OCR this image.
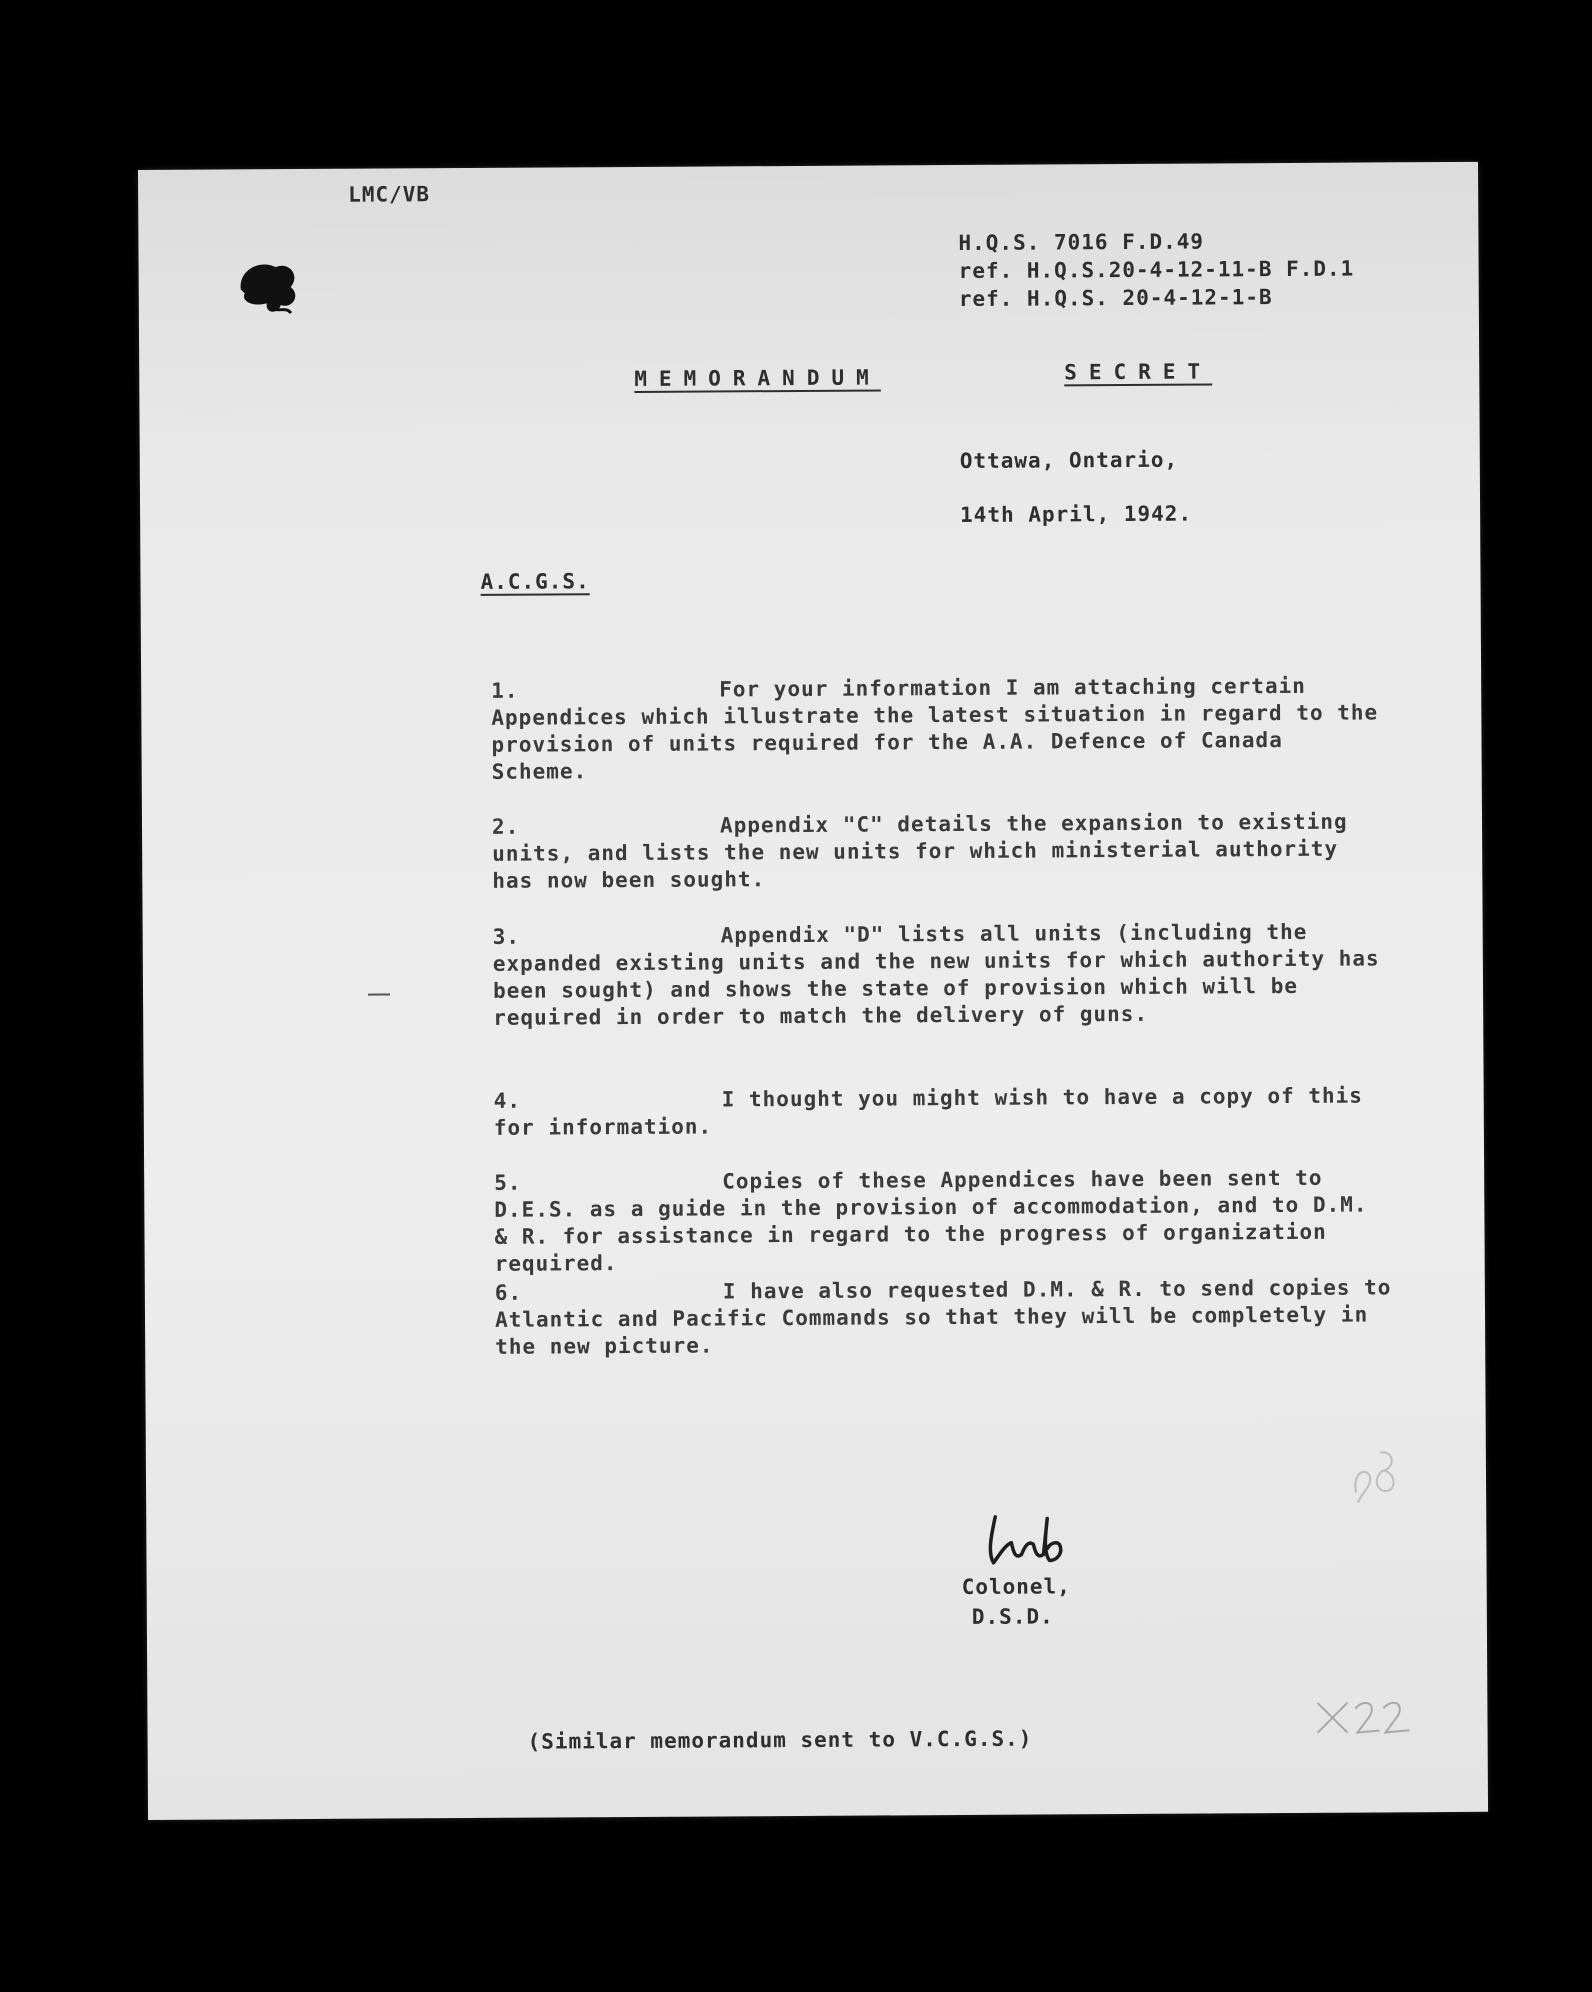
LMC/VB
H.Q.S. 7016 F.D.49
ref. H.Q.S.20-4-12-11-B F.D.1
ref. H.Q.S. 20-4-12-1-B
MEMORANDUM	SECRET
Ottawa, Ontario,
14th April, 1942.
A.C.G.S.
1.	For your information I am attaching certain Appendices which illustrate the latest situation in regard to the provision of units required for the A.A. Defence of Canada Scheme.
2.	Appendix "C" details the expansion to existing units, and lists the new units for which ministerial authority has now been sought.
3.	Appendix "D" lists all units (including the expanded existing units and the new units for which authority has been sought) and shows the state of provision which will be required in order to match the delivery of guns.
4.	I thought you might wish to have a copy of this for information.
5.	Copies of these Appendices have been sent to D.E.S. as a guide in the provision of accommodation, and to D.M. & R. for assistance in regard to the progress of organization required.
6.	I have also requested D.M. & R. to send copies to Atlantic and Pacific Commands so that they will be completely in the new picture.
Colonel,
D.S.D.
(Similar memorandum sent to V.C.G.S.)
